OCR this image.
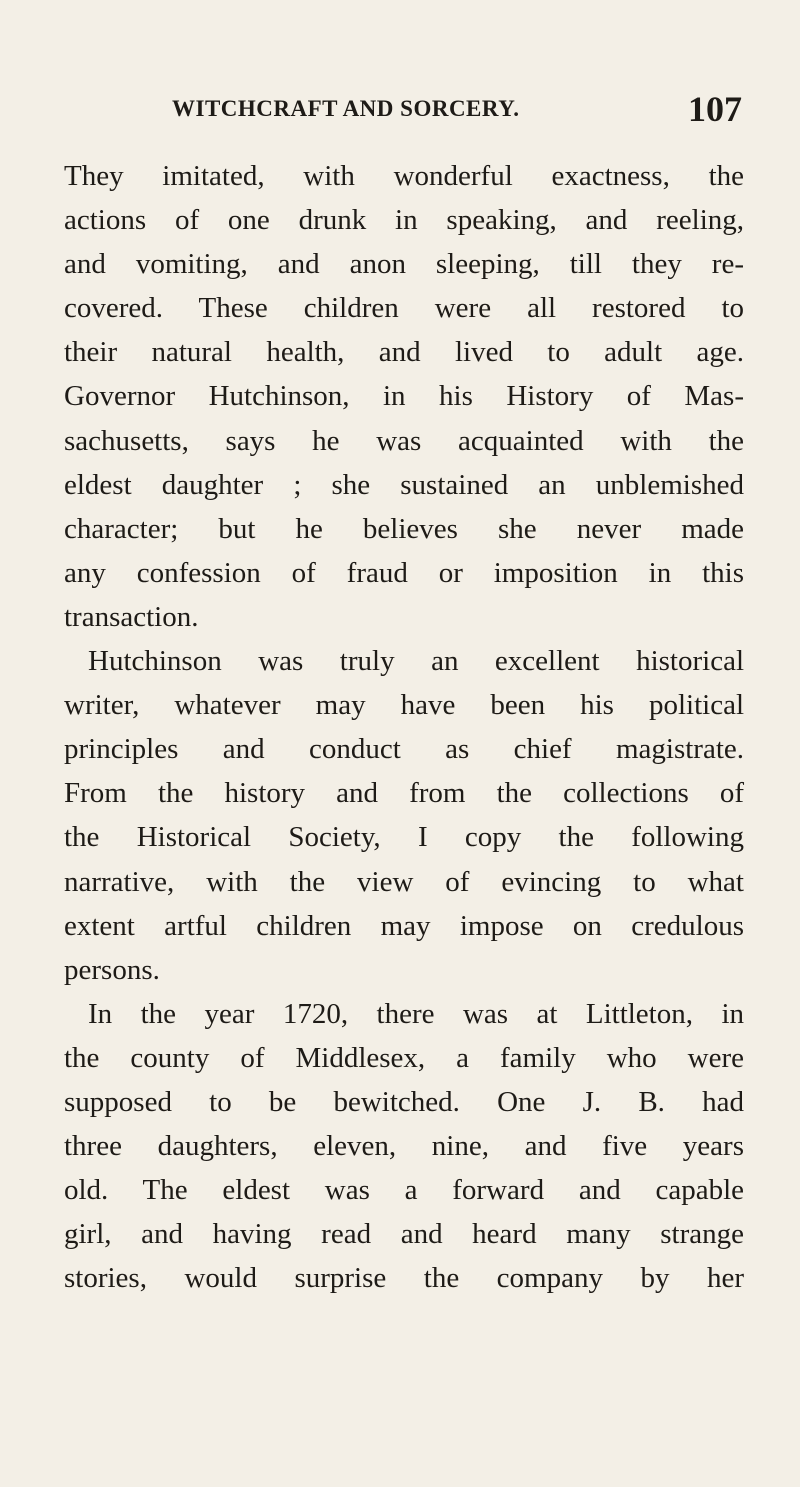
WITCHCRAFT AND SORCERY.	107
They imitated, with wonderful exactness, the
actions of one drunk in speaking, and reeling,
and vomiting, and anon sleeping, till they re-
covered. These children were all restored to
their natural health, and lived to adult age.
Governor Hutchinson, in his History of Mas-
sachusetts, says he was acquainted with the
eldest daughter ; she sustained an unblemished
character; but he believes she never made
any confession of fraud or imposition in this
transaction.
Hutchinson was truly an excellent historical
writer, whatever may have been his political
principles and conduct as chief magistrate.
From the history and from the collections of
the Historical Society, I copy the following
narrative, with the view of evincing to what
extent artful children may impose on credulous
persons.
In the year 1720, there was at Littleton, in
the county of Middlesex, a family who were
supposed to be bewitched. One J. B. had
three daughters, eleven, nine, and five years
old. The eldest was a forward and capable
girl, and having read and heard many strange
stories, would surprise the company by her
